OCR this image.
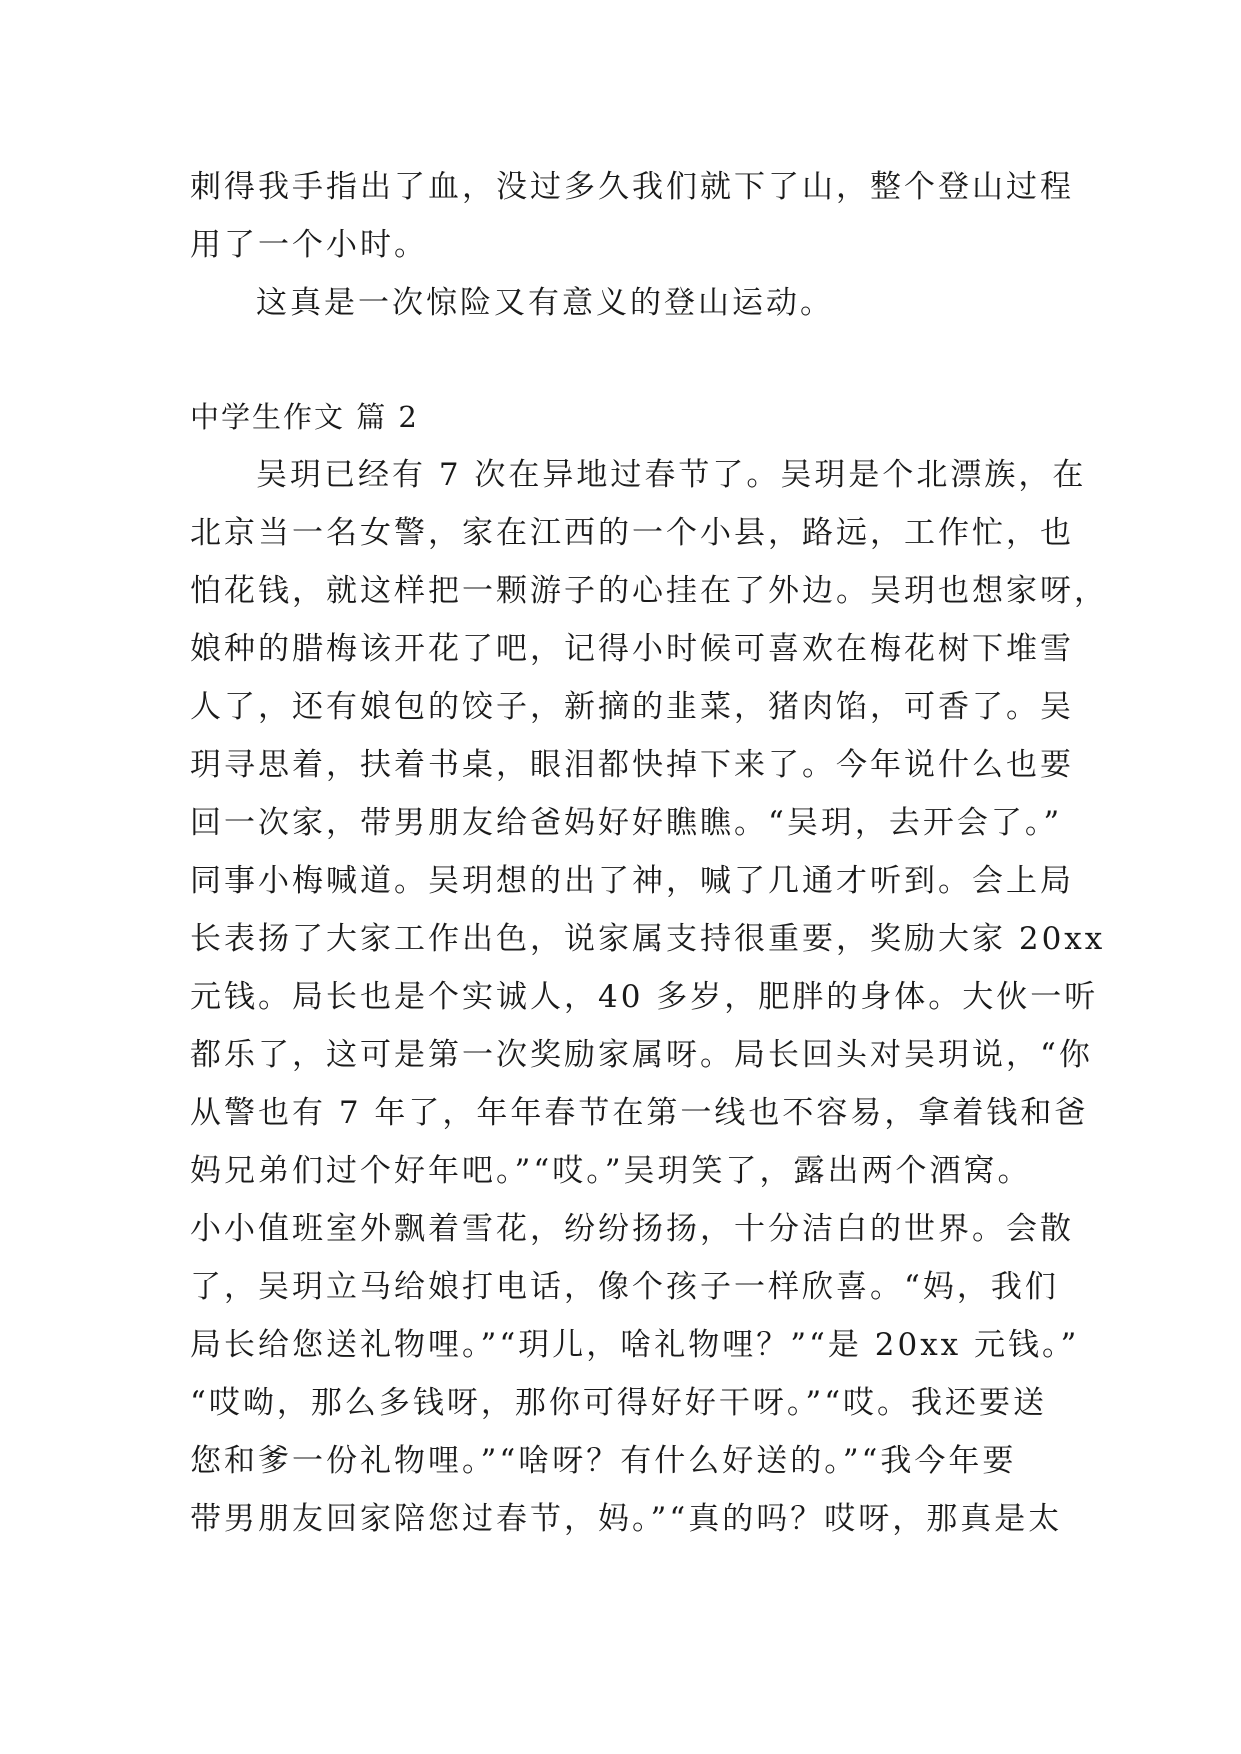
刺得我手指出了血，没过多久我们就下了山，整个登山过程
用了一个小时。
这真是一次惊险又有意义的登山运动。
中学生作文 篇 2
吴玥已经有 7 次在异地过春节了。吴玥是个北漂族，在
北京当一名女警，家在江西的一个小县，路远，工作忙，也
怕花钱，就这样把一颗游子的心挂在了外边。吴玥也想家呀，
娘种的腊梅该开花了吧，记得小时候可喜欢在梅花树下堆雪
人了，还有娘包的饺子，新摘的韭菜，猪肉馅，可香了。吴
玥寻思着，扶着书桌，眼泪都快掉下来了。今年说什么也要
回一次家，带男朋友给爸妈好好瞧瞧。“吴玥，去开会了。”
同事小梅喊道。吴玥想的出了神，喊了几通才听到。会上局
长表扬了大家工作出色，说家属支持很重要，奖励大家 20xx
元钱。局长也是个实诚人，40 多岁，肥胖的身体。大伙一听
都乐了，这可是第一次奖励家属呀。局长回头对吴玥说，“你
从警也有 7 年了，年年春节在第一线也不容易，拿着钱和爸
妈兄弟们过个好年吧。”“哎。”吴玥笑了，露出两个酒窝。
小小值班室外飘着雪花，纷纷扬扬，十分洁白的世界。会散
了，吴玥立马给娘打电话，像个孩子一样欣喜。“妈，我们
局长给您送礼物哩。”“玥儿，啥礼物哩？”“是 20xx 元钱。”
“哎呦，那么多钱呀，那你可得好好干呀。”“哎。我还要送
您和爹一份礼物哩。”“啥呀？有什么好送的。”“我今年要
带男朋友回家陪您过春节，妈。”“真的吗？哎呀，那真是太
